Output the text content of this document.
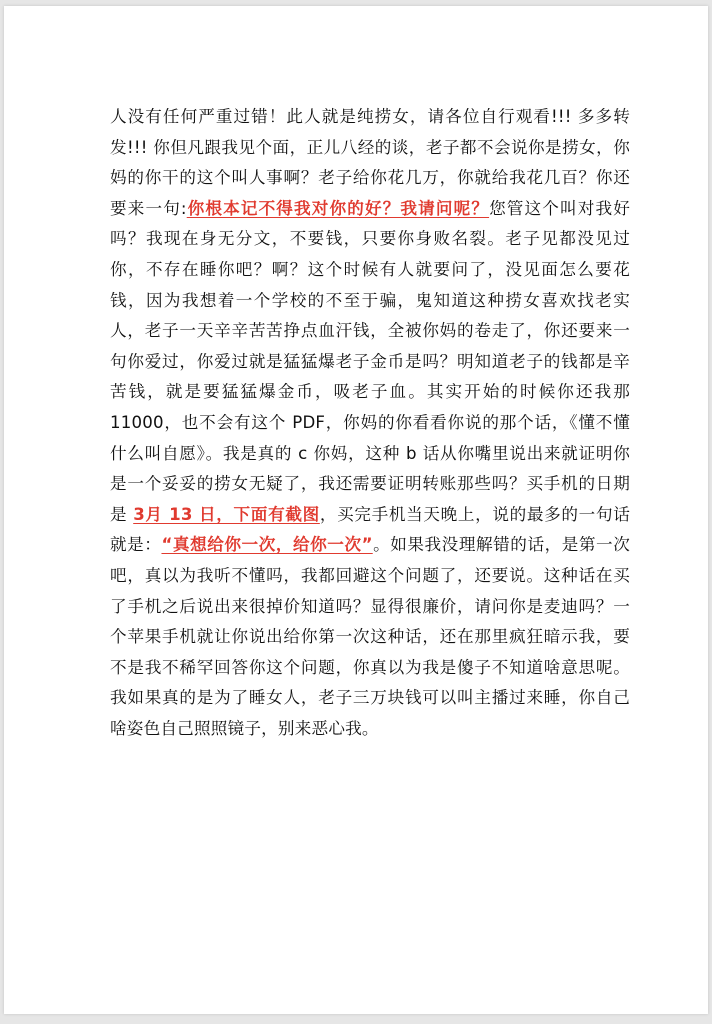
人没有任何严重过错！此人就是纯捞女，请各位自行观看!!! 多多转发!!! 你但凡跟我见个面，正儿八经的谈，老子都不会说你是捞女，你妈的你干的这个叫人事啊？老子给你花几万，你就给我花几百？你还要来一句:你根本记不得我对你的好？我请问呢？您管这个叫对我好吗？我现在身无分文，不要钱，只要你身败名裂。老子见都没见过你，不存在睡你吧？啊？这个时候有人就要问了，没见面怎么要花钱，因为我想着一个学校的不至于骗，鬼知道这种捞女喜欢找老实人，老子一天辛辛苦苦挣点血汗钱，全被你妈的卷走了，你还要来一句你爱过，你爱过就是猛猛爆老子金币是吗？明知道老子的钱都是辛苦钱，就是要猛猛爆金币，吸老子血。其实开始的时候你还我那 11000，也不会有这个 PDF，你妈的你看看你说的那个话，《懂不懂什么叫自愿》。我是真的 c 你妈，这种 b 话从你嘴里说出来就证明你是一个妥妥的捞女无疑了，我还需要证明转账那些吗？买手机的日期是 3月 13 日，下面有截图，买完手机当天晚上，说的最多的一句话就是：“真想给你一次，给你一次”。如果我没理解错的话，是第一次吧，真以为我听不懂吗，我都回避这个问题了，还要说。这种话在买了手机之后说出来很掉价知道吗？显得很廉价，请问你是麦迪吗？一个苹果手机就让你说出给你第一次这种话，还在那里疯狂暗示我，要不是我不稀罕回答你这个问题，你真以为我是傻子不知道啥意思呢。我如果真的是为了睡女人，老子三万块钱可以叫主播过来睡，你自己啥姿色自己照照镜子，别来恶心我。
